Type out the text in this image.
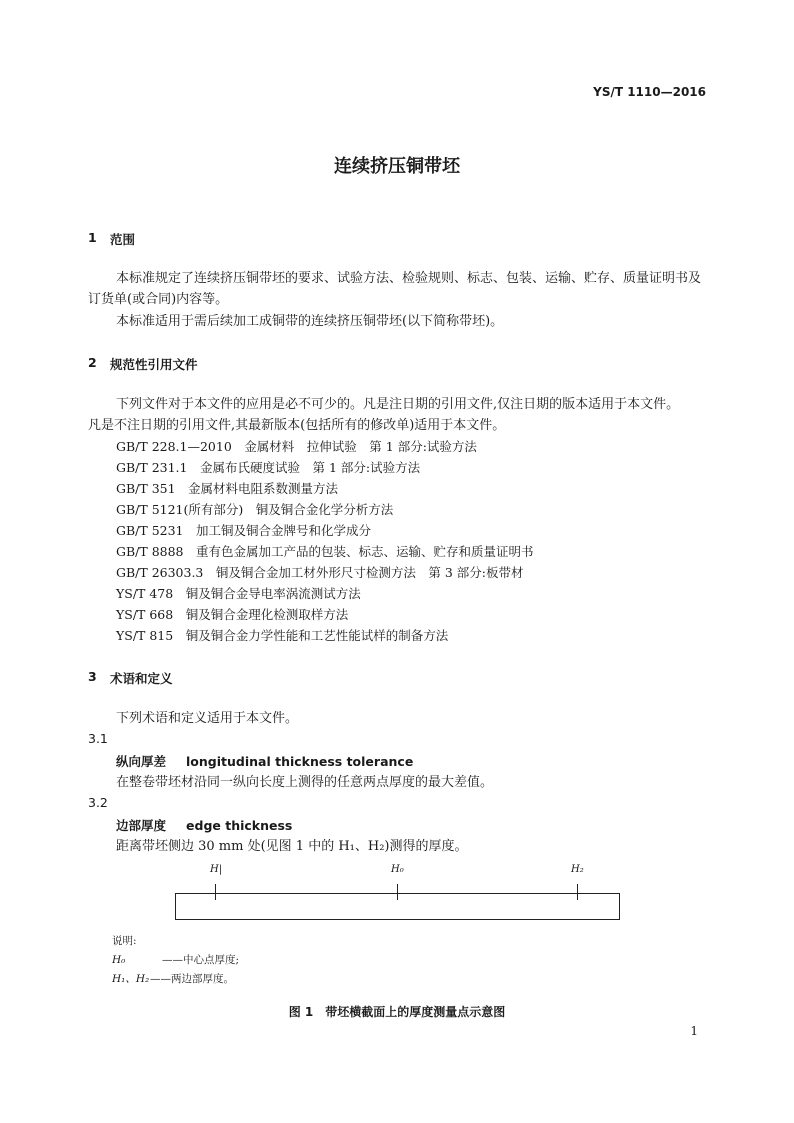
YS/T 1110—2016
连续挤压铜带坯
1 范围
本标准规定了连续挤压铜带坯的要求、试验方法、检验规则、标志、包装、运输、贮存、质量证明书及
订货单(或合同)内容等。
本标准适用于需后续加工成铜带的连续挤压铜带坯(以下简称带坯)。
2 规范性引用文件
下列文件对于本文件的应用是必不可少的。凡是注日期的引用文件,仅注日期的版本适用于本文件。
凡是不注日期的引用文件,其最新版本(包括所有的修改单)适用于本文件。
GB/T 228.1—2010　金属材料　拉伸试验　第 1 部分:试验方法
GB/T 231.1　金属布氏硬度试验　第 1 部分:试验方法
GB/T 351　金属材料电阻系数测量方法
GB/T 5121(所有部分)　铜及铜合金化学分析方法
GB/T 5231　加工铜及铜合金牌号和化学成分
GB/T 8888　重有色金属加工产品的包装、标志、运输、贮存和质量证明书
GB/T 26303.3　铜及铜合金加工材外形尺寸检测方法　第 3 部分:板带材
YS/T 478　铜及铜合金导电率涡流测试方法
YS/T 668　铜及铜合金理化检测取样方法
YS/T 815　铜及铜合金力学性能和工艺性能试样的制备方法
3 术语和定义
下列术语和定义适用于本文件。
3.1
纵向厚差 longitudinal thickness tolerance
在整卷带坯材沿同一纵向长度上测得的任意两点厚度的最大差值。
3.2
边部厚度 edge thickness
距离带坯侧边 30 mm 处(见图 1 中的 H₁、H₂)测得的厚度。
H|	H₀	H₂
说明:
H₀	——中心点厚度;
H₁、H₂——两边部厚度。
图 1　带坯横截面上的厚度测量点示意图
1
